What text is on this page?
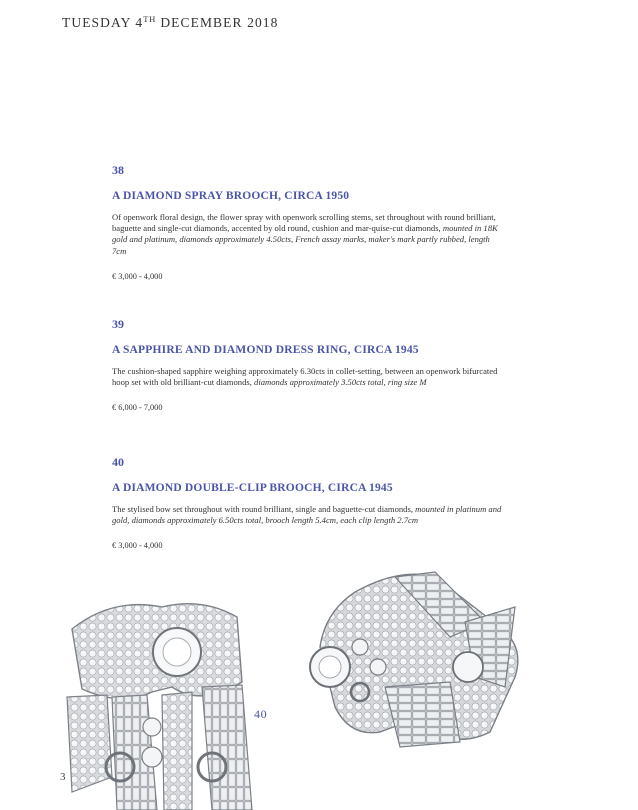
TUESDAY 4TH DECEMBER 2018

38

A DIAMOND SPRAY BROOCH, CIRCA 1950

Of openwork floral design, the flower spray with openwork scrolling stems, set throughout with round brilliant, baguette and single-cut diamonds, accented by old round, cushion and mar-quise-cut diamonds, mounted in 18K gold and platinum, diamonds approximately 4.50cts, French assay marks, maker's mark partly rubbed, length 7cm

€ 3,000 - 4,000

39

A SAPPHIRE AND DIAMOND DRESS RING, CIRCA 1945

The cushion-shaped sapphire weighing approximately 6.30cts in collet-setting, between an openwork bifurcated hoop set with old brilliant-cut diamonds, diamonds approximately 3.50cts total, ring size M

€ 6,000 - 7,000

40

A DIAMOND DOUBLE-CLIP BROOCH, CIRCA 1945

The stylised bow set throughout with round brilliant, single and baguette-cut diamonds, mounted in platinum and gold, diamonds approximately 6.50cts total, brooch length 5.4cm, each clip length 2.7cm

€ 3,000 - 4,000

40
3
